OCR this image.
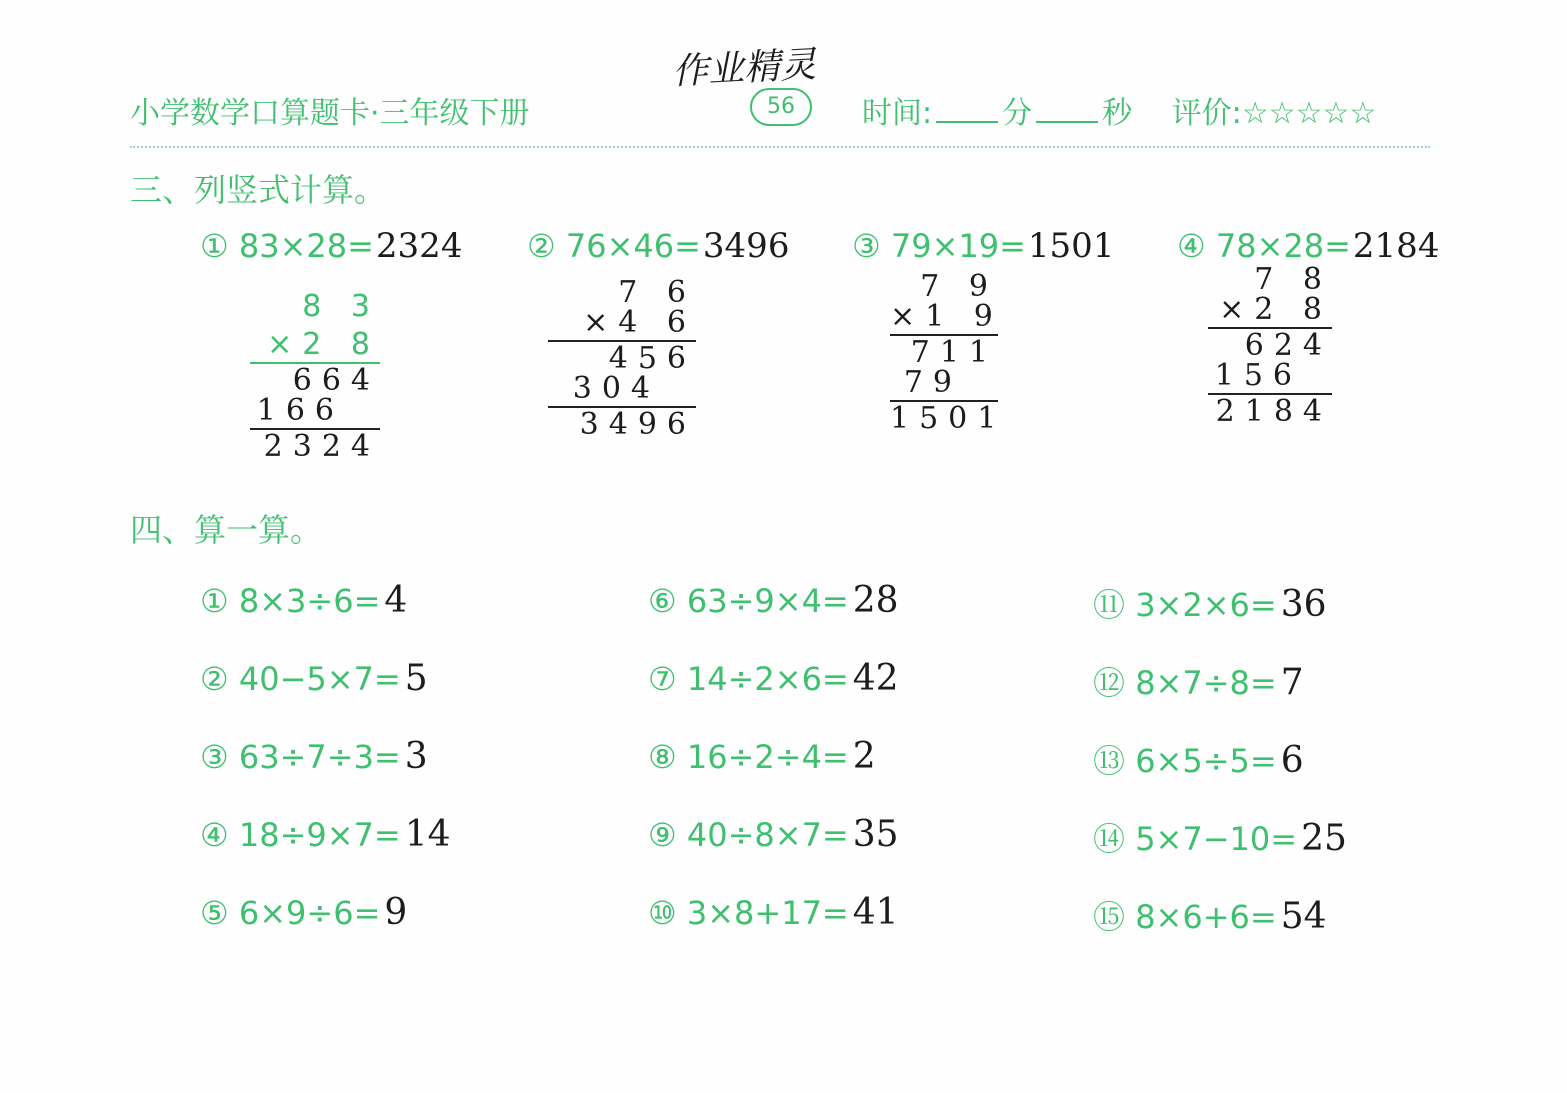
作业精灵
小学数学口算题卡·三年级下册	56	时间: 分 秒 评价:☆☆☆☆☆
三、列竖式计算。
① 83×28=2324 ② 76×46=3496 ③ 79×19=1501 ④ 78×28=2184
8 3
×2 8
664
166
2324
7 6
×4 6
456
304
3496
7 9
×1 9
711
79
1501
7 8
×2 8
624
156
2184
四、算一算。
① 8×3÷6= 4
② 40−5×7= 5
③ 63÷7÷3= 3
④ 18÷9×7= 14
⑤ 6×9÷6= 9
⑥ 63÷9×4= 28
⑦ 14÷2×6= 42
⑧ 16÷2÷4= 2
⑨ 40÷8×7= 35
⑩ 3×8+17= 41
⑪ 3×2×6= 36
⑫ 8×7÷8= 7
⑬ 6×5÷5= 6
⑭ 5×7−10= 25
⑮ 8×6+6= 54
